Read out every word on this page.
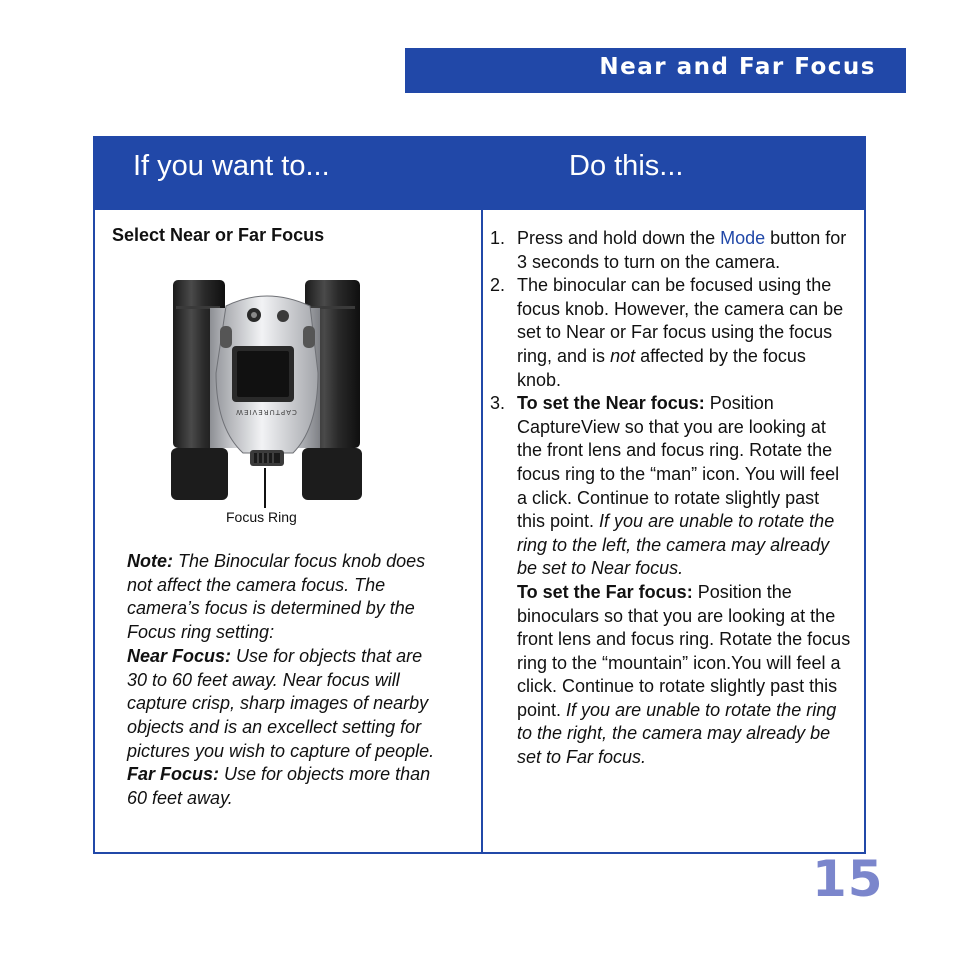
Near and Far Focus
If you want to...	Do this...
Select Near or Far Focus
CAPTUREVIEW
Focus Ring

Note: The Binocular focus knob does not affect the camera focus. The camera’s focus is determined by the Focus ring setting:
Near Focus: Use for objects that are 30 to 60 feet away. Near focus will capture crisp, sharp images of nearby objects and is an excellect setting for pictures you wish to capture of people.
Far Focus: Use for objects more than 60 feet away.

1. Press and hold down the Mode button for 3 seconds to turn on the camera.
2. The binocular can be focused using the focus knob. However, the camera can be set to Near or Far focus using the focus ring, and is not affected by the focus knob.
3. To set the Near focus: Position CaptureView so that you are looking at the front lens and focus ring. Rotate the focus ring to the “man” icon. You will feel a click. Continue to rotate slightly past this point. If you are unable to rotate the ring to the left, the camera may already be set to Near focus.
To set the Far focus: Position the binoculars so that you are looking at the front lens and focus ring. Rotate the focus ring to the “mountain” icon.You will feel a click. Continue to rotate slightly past this point. If you are unable to rotate the ring to the right, the camera may already be set to Far focus.

15
